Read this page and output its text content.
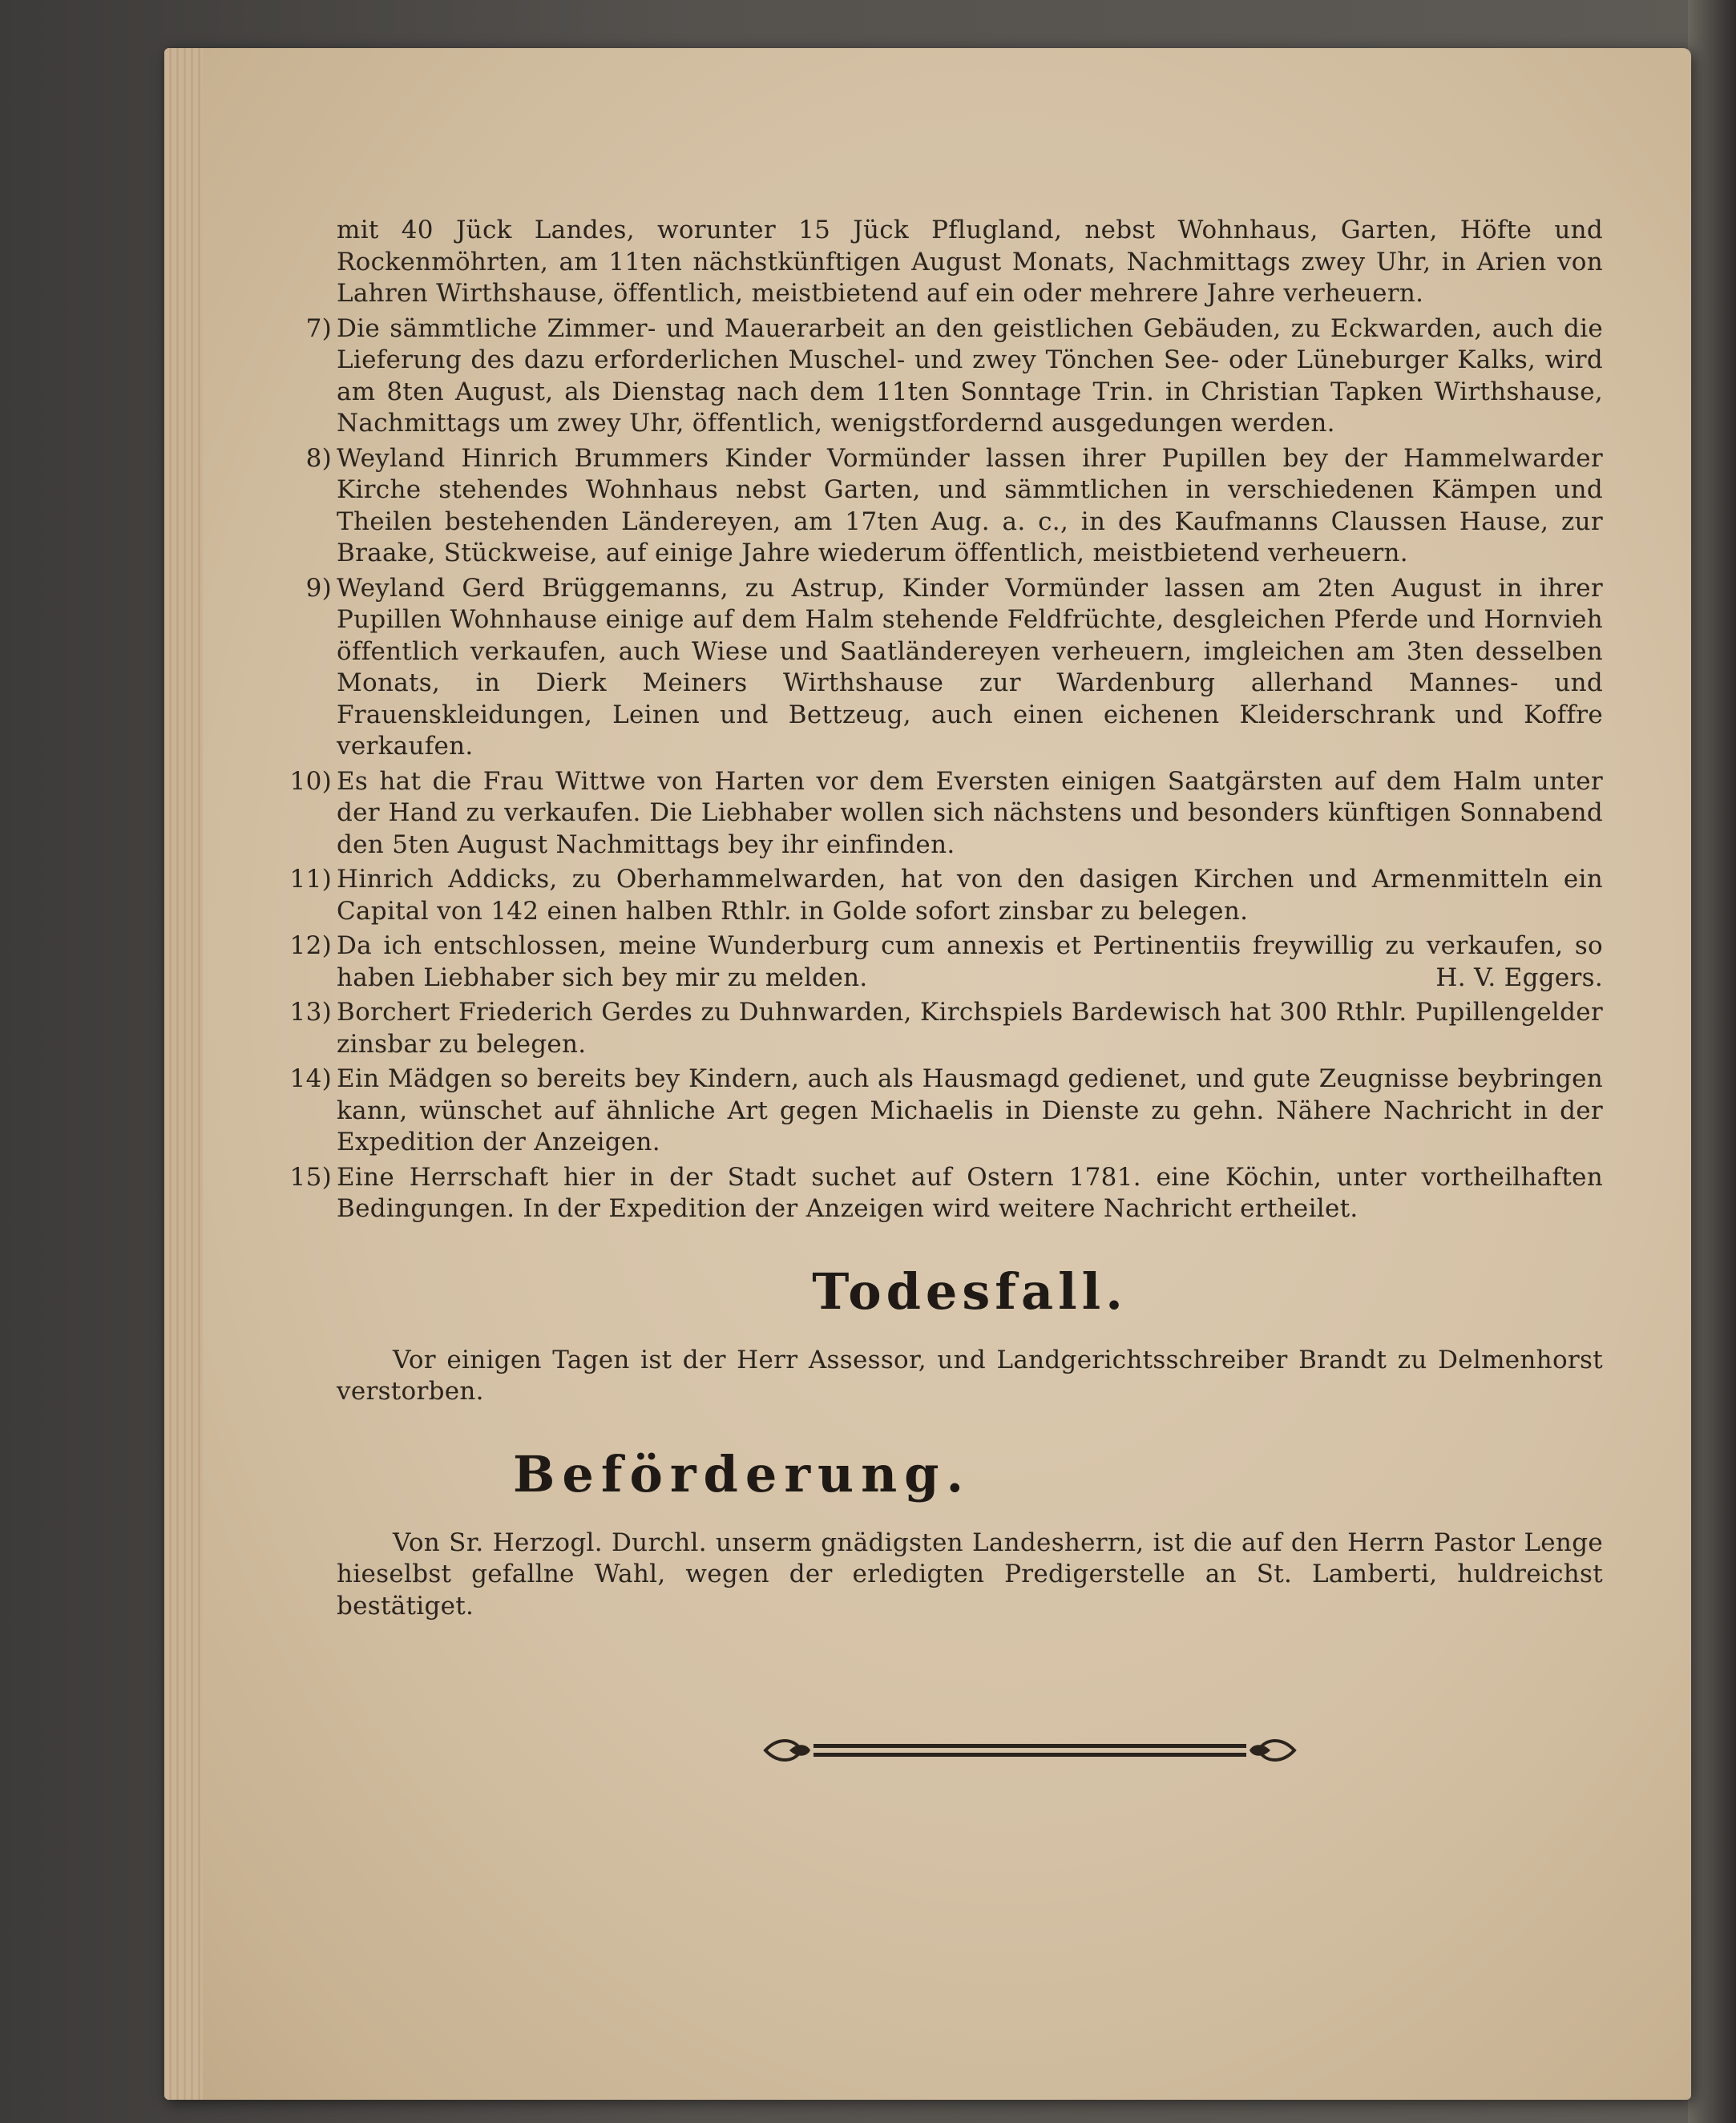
mit 40 Jück Landes, worunter 15 Jück Pflugland, nebst Wohnhaus, Garten, Höfte und Rockenmöhrten, am 11ten nächstkünftigen August Monats, Nachmittags zwey Uhr, in Arien von Lahren Wirthshause, öffentlich, meistbietend auf ein oder mehrere Jahre verheuern.
7) Die sämmtliche Zimmer- und Mauerarbeit an den geistlichen Gebäuden, zu Eckwarden, auch die Lieferung des dazu erforderlichen Muschel- und zwey Tönchen See- oder Lüneburger Kalks, wird am 8ten August, als Dienstag nach dem 11ten Sonntage Trin. in Christian Tapken Wirthshause, Nachmittags um zwey Uhr, öffentlich, wenigstfordernd ausgedungen werden.
8) Weyland Hinrich Brummers Kinder Vormünder lassen ihrer Pupillen bey der Hammelwarder Kirche stehendes Wohnhaus nebst Garten, und sämmtlichen in verschiedenen Kämpen und Theilen bestehenden Ländereyen, am 17ten Aug. a. c., in des Kaufmanns Claussen Hause, zur Braake, Stückweise, auf einige Jahre wiederum öffentlich, meistbietend verheuern.
9) Weyland Gerd Brüggemanns, zu Astrup, Kinder Vormünder lassen am 2ten August in ihrer Pupillen Wohnhause einige auf dem Halm stehende Feldfrüchte, desgleichen Pferde und Hornvieh öffentlich verkaufen, auch Wiese und Saatländereyen verheuern, imgleichen am 3ten desselben Monats, in Dierk Meiners Wirthshause zur Wardenburg allerhand Mannes- und Frauenskleidungen, Leinen und Bettzeug, auch einen eichenen Kleiderschrank und Koffre verkaufen.
10) Es hat die Frau Wittwe von Harten vor dem Eversten einigen Saatgärsten auf dem Halm unter der Hand zu verkaufen. Die Liebhaber wollen sich nächstens und besonders künftigen Sonnabend den 5ten August Nachmittags bey ihr einfinden.
11) Hinrich Addicks, zu Oberhammelwarden, hat von den dasigen Kirchen und Armenmitteln ein Capital von 142 einen halben Rthlr. in Golde sofort zinsbar zu belegen.
12) Da ich entschlossen, meine Wunderburg cum annexis et Pertinentiis freywillig zu verkaufen, so haben Liebhaber sich bey mir zu melden.	H. V. Eggers.
13) Borchert Friederich Gerdes zu Duhnwarden, Kirchspiels Bardewisch hat 300 Rthlr. Pupillengelder zinsbar zu belegen.
14) Ein Mädgen so bereits bey Kindern, auch als Hausmagd gedienet, und gute Zeugnisse beybringen kann, wünschet auf ähnliche Art gegen Michaelis in Dienste zu gehn. Nähere Nachricht in der Expedition der Anzeigen.
15) Eine Herrschaft hier in der Stadt suchet auf Ostern 1781. eine Köchin, unter vortheilhaften Bedingungen. In der Expedition der Anzeigen wird weitere Nachricht ertheilet.
Todesfall.

Vor einigen Tagen ist der Herr Assessor, und Landgerichtsschreiber Brandt zu Delmenhorst verstorben.

Beförderung.

Von Sr. Herzogl. Durchl. unserm gnädigsten Landesherrn, ist die auf den Herrn Pastor Lenge hieselbst gefallne Wahl, wegen der erledigten Predigerstelle an St. Lamberti, huldreichst bestätiget.
